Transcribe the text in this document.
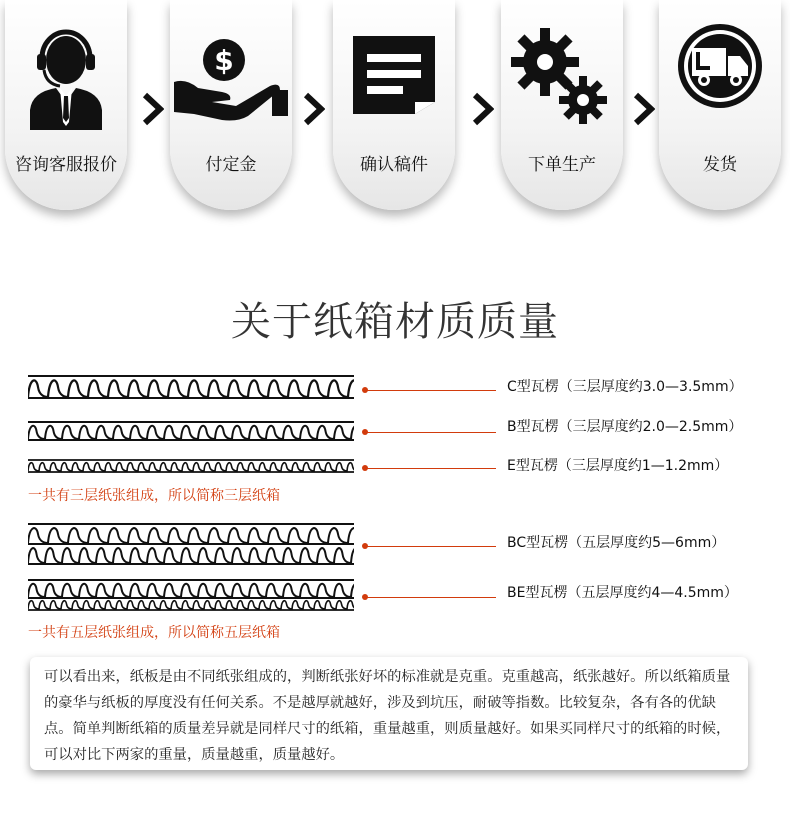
咨询客服报价
$
付定金	确认稿件	下单生产	发货
关于纸箱材质质量
C型瓦楞（三层厚度约3.0—3.5mm）
B型瓦楞（三层厚度约2.0—2.5mm）
E型瓦楞（三层厚度约1—1.2mm）
一共有三层纸张组成，所以简称三层纸箱
BC型瓦楞（五层厚度约5—6mm）
BE型瓦楞（五层厚度约4—4.5mm）
一共有五层纸张组成，所以简称五层纸箱

可以看出来，纸板是由不同纸张组成的，判断纸张好坏的标准就是克重。克重越高，纸张越好。所以纸箱质量的豪华与纸板的厚度没有任何关系。不是越厚就越好，涉及到坑压，耐破等指数。比较复杂，各有各的优缺点。简单判断纸箱的质量差异就是同样尺寸的纸箱，重量越重，则质量越好。如果买同样尺寸的纸箱的时候，可以对比下两家的重量，质量越重，质量越好。
